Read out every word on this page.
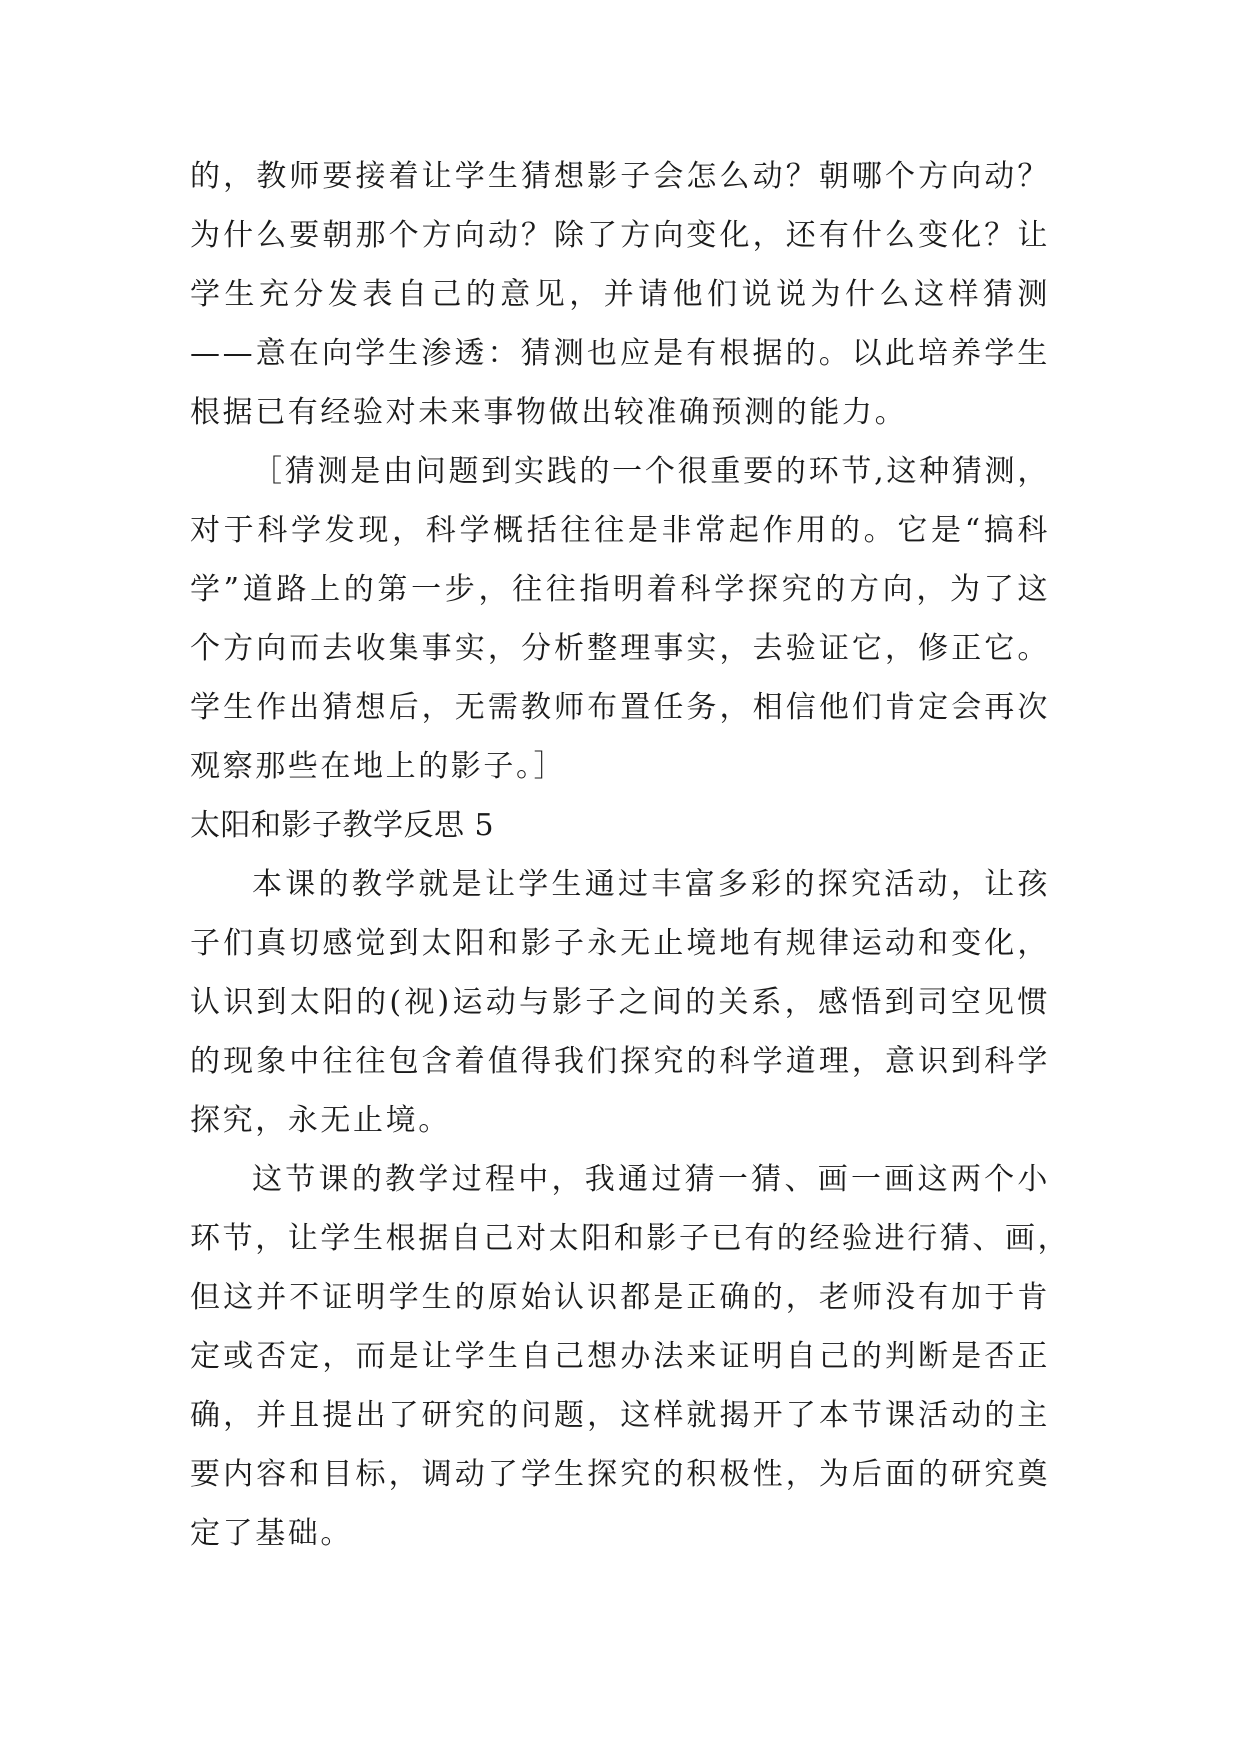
的，教师要接着让学生猜想影子会怎么动？朝哪个方向动？
为什么要朝那个方向动？除了方向变化，还有什么变化？让
学生充分发表自己的意见，并请他们说说为什么这样猜测
——意在向学生渗透：猜测也应是有根据的。以此培养学生
根据已有经验对未来事物做出较准确预测的能力。
［猜测是由问题到实践的一个很重要的环节,这种猜测，
对于科学发现，科学概括往往是非常起作用的。它是“搞科
学”道路上的第一步，往往指明着科学探究的方向，为了这
个方向而去收集事实，分析整理事实，去验证它，修正它。
学生作出猜想后，无需教师布置任务，相信他们肯定会再次
观察那些在地上的影子。］
太阳和影子教学反思 5
本课的教学就是让学生通过丰富多彩的探究活动，让孩
子们真切感觉到太阳和影子永无止境地有规律运动和变化，
认识到太阳的(视)运动与影子之间的关系，感悟到司空见惯
的现象中往往包含着值得我们探究的科学道理，意识到科学
探究，永无止境。
这节课的教学过程中，我通过猜一猜、画一画这两个小
环节，让学生根据自己对太阳和影子已有的经验进行猜、画，
但这并不证明学生的原始认识都是正确的，老师没有加于肯
定或否定，而是让学生自己想办法来证明自己的判断是否正
确，并且提出了研究的问题，这样就揭开了本节课活动的主
要内容和目标，调动了学生探究的积极性，为后面的研究奠
定了基础。
